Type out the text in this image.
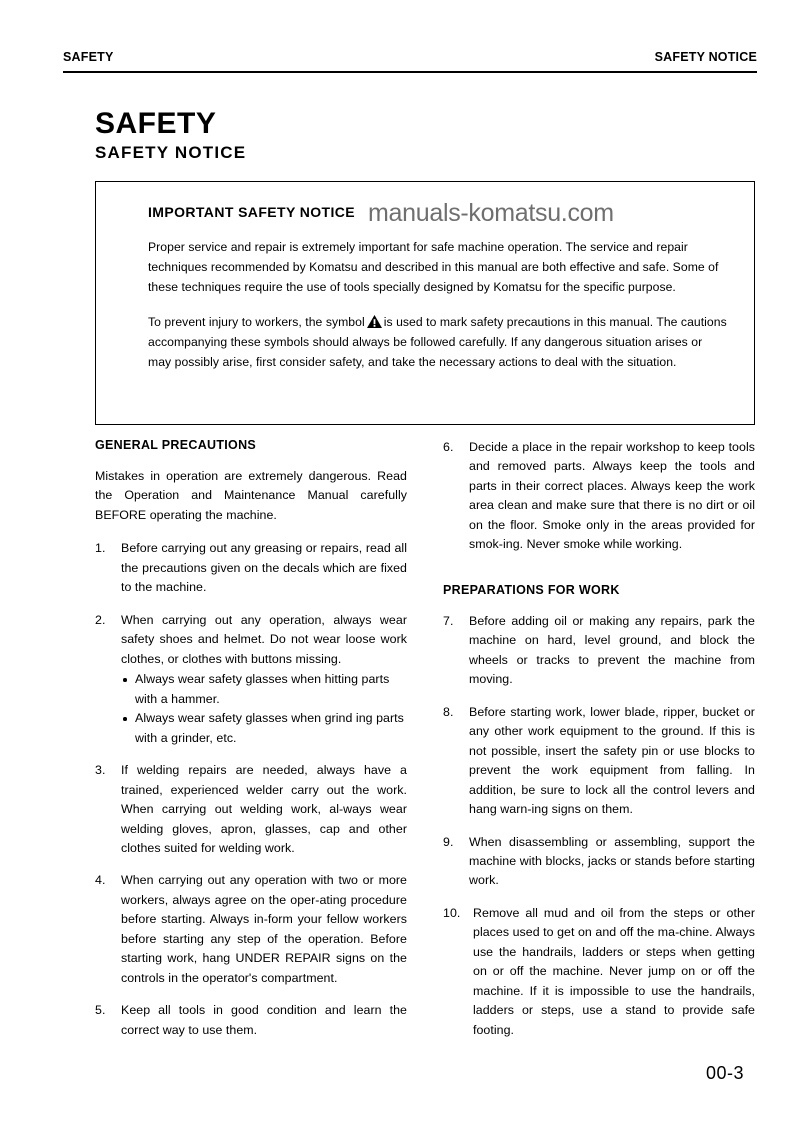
SAFETY	SAFETY NOTICE
SAFETY
SAFETY NOTICE
IMPORTANT SAFETY NOTICE

Proper service and repair is extremely important for safe machine operation. The service and repair techniques recommended by Komatsu and described in this manual are both effective and safe. Some of these techniques require the use of tools specially designed by Komatsu for the specific purpose.

To prevent injury to workers, the symbol is used to mark safety precautions in this manual. The cautions accompanying these symbols should always be followed carefully. If any dangerous situation arises or may possibly arise, first consider safety, and take the necessary actions to deal with the situation.

manuals-komatsu.com
GENERAL PRECAUTIONS

Mistakes in operation are extremely dangerous. Read the Operation and Maintenance Manual carefully BEFORE operating the machine.

1.	Before carrying out any greasing or repairs, read all the precautions given on the decals which are fixed to the machine.
2.	When carrying out any operation, always wear safety shoes and helmet. Do not wear loose work clothes, or clothes with buttons missing.
Always wear safety glasses when hitting parts with a hammer.
Always wear safety glasses when grind ing parts with a grinder, etc.
3.	If welding repairs are needed, always have a trained, experienced welder carry out the work. When carrying out welding work, al-ways wear welding gloves, apron, glasses, cap and other clothes suited for welding work.
4.	When carrying out any operation with two or more workers, always agree on the oper-ating procedure before starting. Always in-form your fellow workers before starting any step of the operation. Before starting work, hang UNDER REPAIR signs on the controls in the operator's compartment.
5.	Keep all tools in good condition and learn the correct way to use them.
6.	Decide a place in the repair workshop to keep tools and removed parts. Always keep the tools and parts in their correct places. Always keep the work area clean and make sure that there is no dirt or oil on the floor. Smoke only in the areas provided for smok-ing. Never smoke while working.
PREPARATIONS FOR WORK
7.	Before adding oil or making any repairs, park the machine on hard, level ground, and block the wheels or tracks to prevent the machine from moving.
8.	Before starting work, lower blade, ripper, bucket or any other work equipment to the ground. If this is not possible, insert the safety pin or use blocks to prevent the work equipment from falling. In addition, be sure to lock all the control levers and hang warn-ing signs on them.
9.	When disassembling or assembling, support the machine with blocks, jacks or stands before starting work.
10.	Remove all mud and oil from the steps or other places used to get on and off the ma-chine. Always use the handrails, ladders or steps when getting on or off the machine. Never jump on or off the machine. If it is impossible to use the handrails, ladders or steps, use a stand to provide safe footing.
00-3
